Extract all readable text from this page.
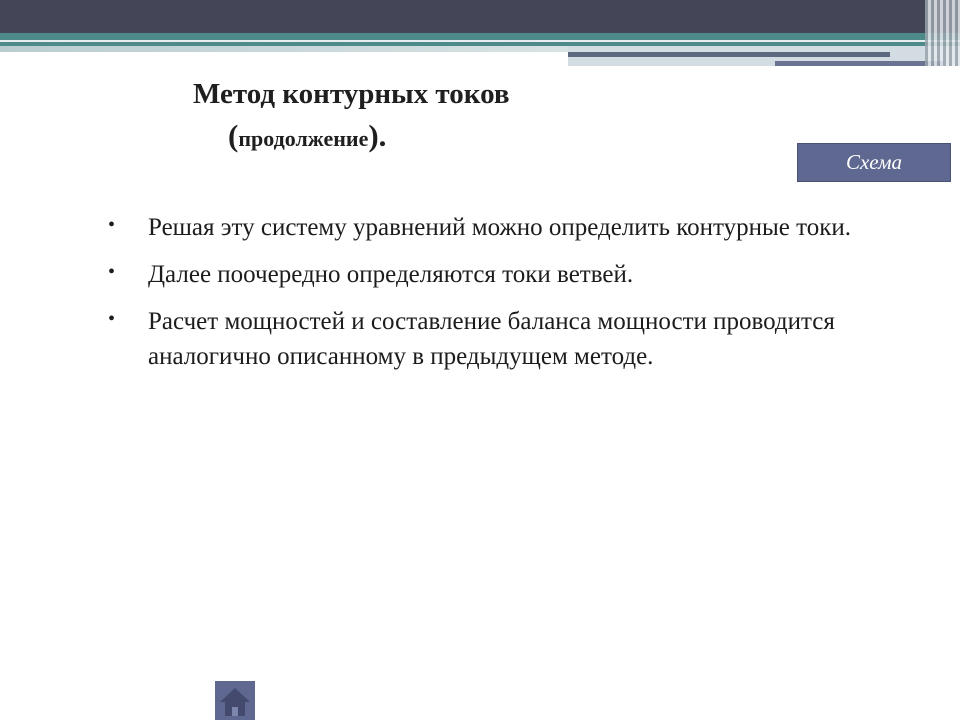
Метод контурных токов
(продолжение).
Схема
• Решая эту систему уравнений можно определить контурные токи.
• Далее поочередно определяются токи ветвей.
• Расчет мощностей и составление баланса мощности проводится аналогично описанному в предыдущем методе.
